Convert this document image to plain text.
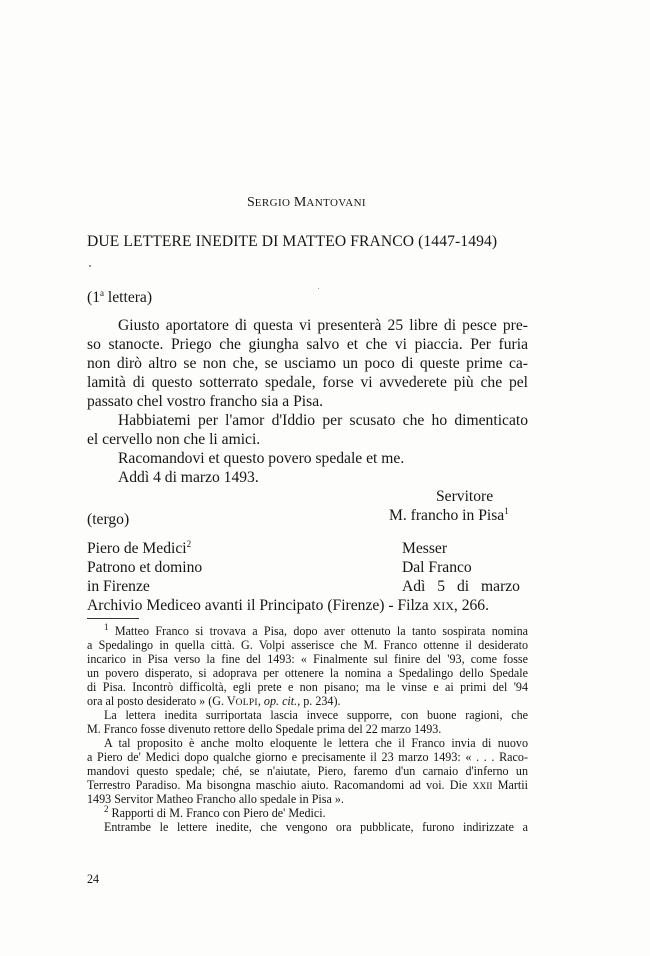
SERGIO MANTOVANI
DUE LETTERE INEDITE DI MATTEO FRANCO (1447-1494)
(1$^a$ lettera)
Giusto aportatore di questa vi presenterà 25 libre di pesce pre-
so stanocte. Priego che giungha salvo et che vi piaccia. Per furia
non dirò altro se non che, se usciamo un poco di queste prime ca-
lamità di questo sotterrato spedale, forse vi avvederete più che pel
passato chel vostro francho sia a Pisa.
Habbiatemi per l'amor d'Iddio per scusato che ho dimenticato
el cervello non che li amici.
Racomandovi et questo povero spedale et me.
Addì 4 di marzo 1493.
Servitore
M. francho in Pisa$^1$
(tergo)
Piero de Medici$^2$
Patrono et domino
in Firenze
Messer
Dal Franco
Adì 5 di marzo
Archivio Mediceo avanti il Principato (Firenze) - Filza XIX, 266.
$^1$ Matteo Franco si trovava a Pisa, dopo aver ottenuto la tanto sospirata nomina
a Spedalingo in quella città. G. Volpi asserisce che M. Franco ottenne il desiderato
incarico in Pisa verso la fine del 1493: « Finalmente sul finire del '93, come fosse
un povero disperato, si adoprava per ottenere la nomina a Spedalingo dello Spedale
di Pisa. Incontrò difficoltà, egli prete e non pisano; ma le vinse e ai primi del '94
ora al posto desiderato » (G. VOLPI, op. cit., p. 234).
La lettera inedita surriportata lascia invece supporre, con buone ragioni, che
M. Franco fosse divenuto rettore dello Spedale prima del 22 marzo 1493.
A tal proposito è anche molto eloquente le lettera che il Franco invia di nuovo
a Piero de' Medici dopo qualche giorno e precisamente il 23 marzo 1493: « . . . Raco-
mandovi questo spedale; ché, se n'aiutate, Piero, faremo d'un carnaio d'inferno un
Terrestro Paradiso. Ma bisongna maschio aiuto. Racomandomi ad voi. Die XXII Martii
1493 Servitor Matheo Francho allo spedale in Pisa ».
$^2$ Rapporti di M. Franco con Piero de' Medici.
Entrambe le lettere inedite, che vengono ora pubblicate, furono indirizzate a
24
